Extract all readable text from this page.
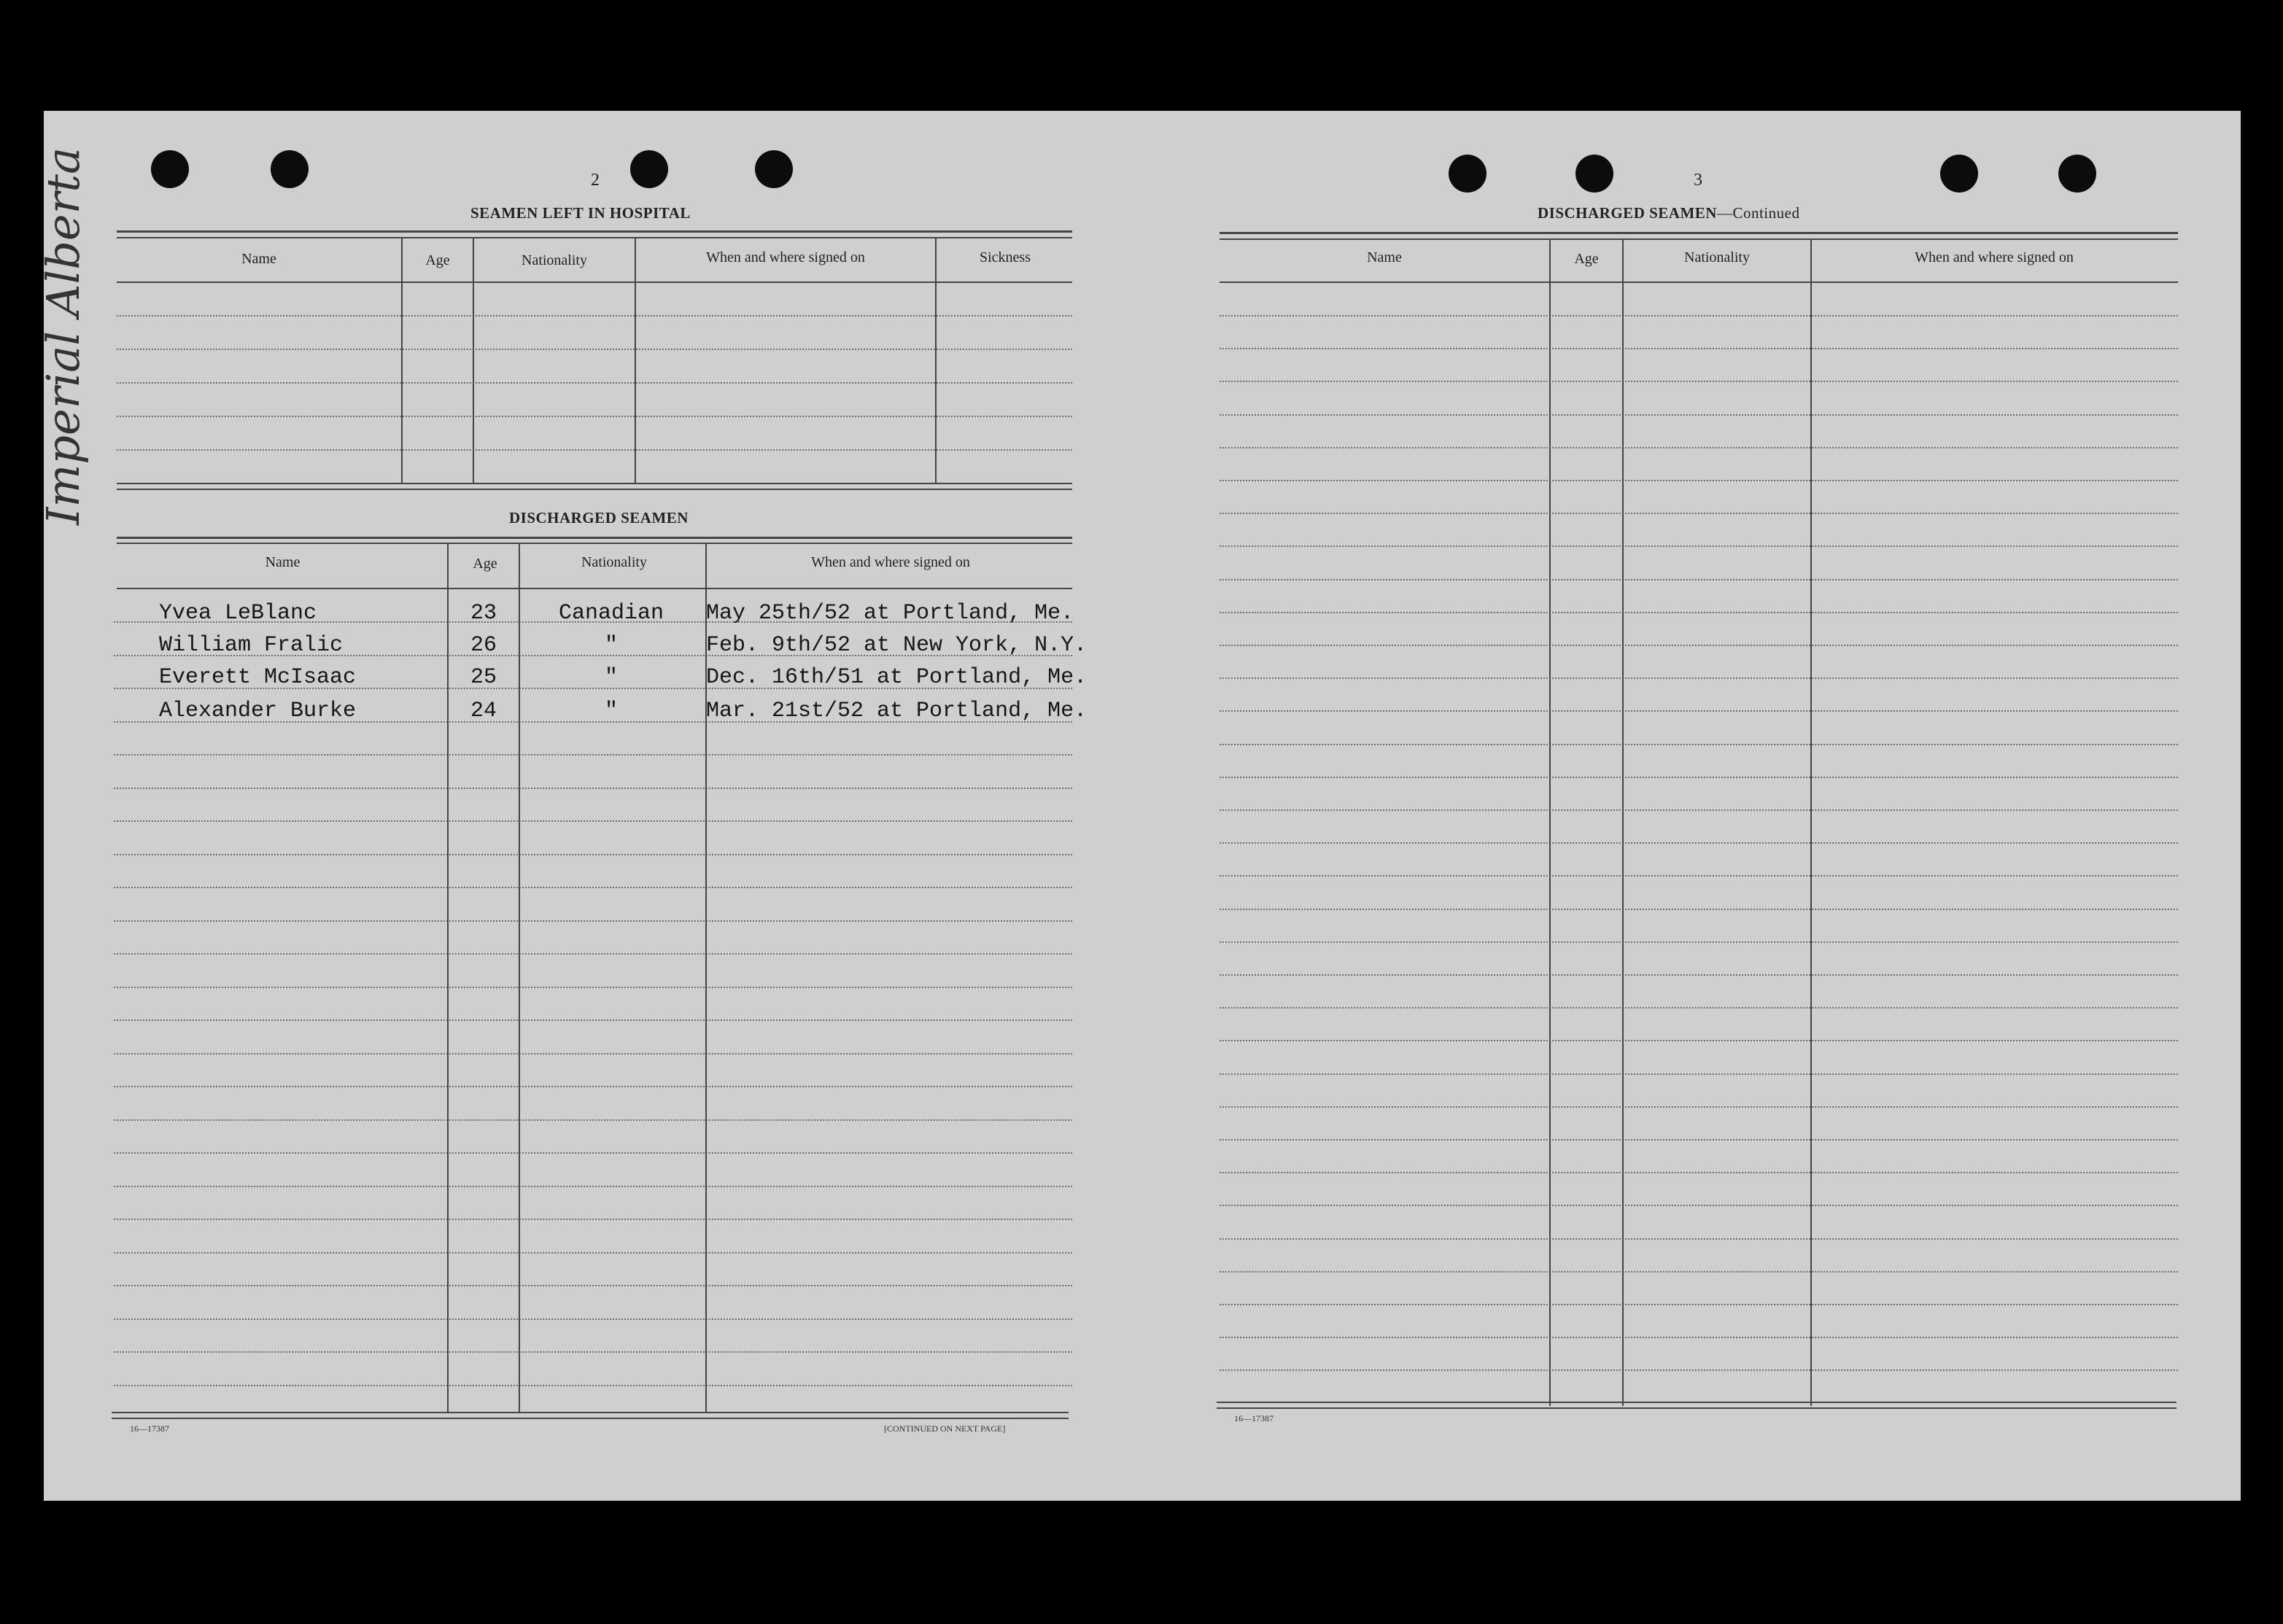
Imperial Alberta	2
SEAMEN LEFT IN HOSPITAL
Name	Age	Nationality	When and where signed on	Sickness
DISCHARGED SEAMEN
Name	Age	Nationality	When and where signed on
Yvea LeBlanc	23	Canadian	May 25th/52 at Portland, Me.
William Fralic	26	"	Feb. 9th/52 at New York, N.Y.
Everett McIsaac	25	"	Dec. 16th/51 at Portland, Me.
Alexander Burke	24	"	Mar. 21st/52 at Portland, Me.
16—17387	[CONTINUED ON NEXT PAGE]
3
DISCHARGED SEAMEN—Continued
Name	Age	Nationality	When and where signed on
16—17387
